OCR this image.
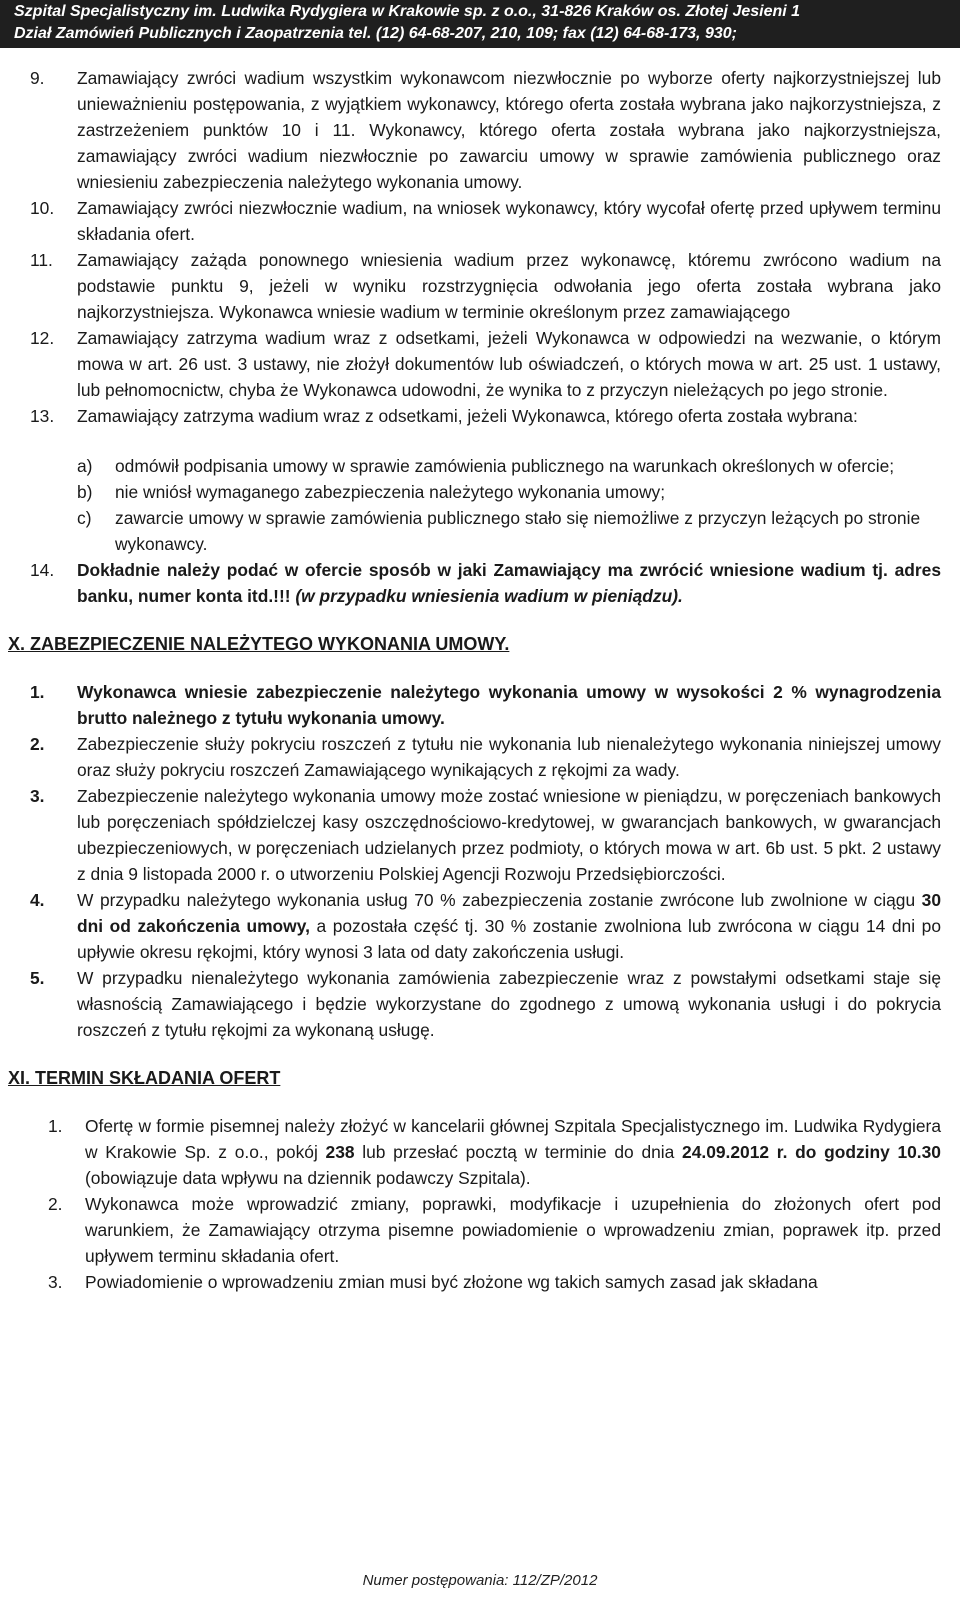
Szpital Specjalistyczny im. Ludwika Rydygiera w Krakowie sp. z o.o., 31-826 Kraków os. Złotej Jesieni 1
Dział Zamówień Publicznych i Zaopatrzenia tel. (12) 64-68-207, 210, 109; fax (12) 64-68-173, 930;
9.	Zamawiający zwróci wadium wszystkim wykonawcom niezwłocznie po wyborze oferty najkorzystniejszej lub unieważnieniu postępowania, z wyjątkiem wykonawcy, którego oferta została wybrana jako najkorzystniejsza, z zastrzeżeniem punktów 10 i 11. Wykonawcy, którego oferta została wybrana jako najkorzystniejsza, zamawiający zwróci wadium niezwłocznie po zawarciu umowy w sprawie zamówienia publicznego oraz wniesieniu zabezpieczenia należytego wykonania umowy.
10.	Zamawiający zwróci niezwłocznie wadium, na wniosek wykonawcy, który wycofał ofertę przed upływem terminu składania ofert.
11.	Zamawiający zażąda ponownego wniesienia wadium przez wykonawcę, któremu zwrócono wadium na podstawie punktu 9, jeżeli w wyniku rozstrzygnięcia odwołania jego oferta została wybrana jako najkorzystniejsza. Wykonawca wniesie wadium w terminie określonym przez zamawiającego
12.	Zamawiający zatrzyma wadium wraz z odsetkami, jeżeli Wykonawca w odpowiedzi na wezwanie, o którym mowa w art. 26 ust. 3 ustawy, nie złożył dokumentów lub oświadczeń, o których mowa w art. 25 ust. 1 ustawy, lub pełnomocnictw, chyba że Wykonawca udowodni, że wynika to z przyczyn nieleżących po jego stronie.
13.	Zamawiający zatrzyma wadium wraz z odsetkami, jeżeli Wykonawca, którego oferta została wybrana:
a)	odmówił podpisania umowy w sprawie zamówienia publicznego na warunkach określonych w ofercie;
b)	nie wniósł wymaganego zabezpieczenia należytego wykonania umowy;
c)	zawarcie umowy w sprawie zamówienia publicznego stało się niemożliwe z przyczyn leżących po stronie wykonawcy.
14.	Dokładnie należy podać w ofercie sposób w jaki Zamawiający ma zwrócić wniesione wadium tj. adres banku, numer konta itd.!!! (w przypadku wniesienia wadium w pieniądzu).
X. ZABEZPIECZENIE NALEŻYTEGO WYKONANIA UMOWY.
1.	Wykonawca wniesie zabezpieczenie należytego wykonania umowy w wysokości 2 % wynagrodzenia brutto należnego z tytułu wykonania umowy.
2.	Zabezpieczenie służy pokryciu roszczeń z tytułu nie wykonania lub nienależytego wykonania niniejszej umowy oraz służy pokryciu roszczeń Zamawiającego wynikających z rękojmi za wady.
3.	Zabezpieczenie należytego wykonania umowy może zostać wniesione w pieniądzu, w poręczeniach bankowych lub poręczeniach spółdzielczej kasy oszczędnościowo-kredytowej, w gwarancjach bankowych, w gwarancjach ubezpieczeniowych, w poręczeniach udzielanych przez podmioty, o których mowa w art. 6b ust. 5 pkt. 2 ustawy z dnia 9 listopada 2000 r. o utworzeniu Polskiej Agencji Rozwoju Przedsiębiorczości.
4.	W przypadku należytego wykonania usług 70 % zabezpieczenia zostanie zwrócone lub zwolnione w ciągu 30 dni od zakończenia umowy, a pozostała część tj. 30 % zostanie zwolniona lub zwrócona w ciągu 14 dni po upływie okresu rękojmi, który wynosi 3 lata od daty zakończenia usługi.
5.	W przypadku nienależytego wykonania zamówienia zabezpieczenie wraz z powstałymi odsetkami staje się własnością Zamawiającego i będzie wykorzystane do zgodnego z umową wykonania usługi i do pokrycia roszczeń z tytułu rękojmi za wykonaną usługę.
XI. TERMIN SKŁADANIA OFERT
1.	Ofertę w formie pisemnej należy złożyć w kancelarii głównej Szpitala Specjalistycznego im. Ludwika Rydygiera w Krakowie Sp. z o.o., pokój 238 lub przesłać pocztą w terminie do dnia 24.09.2012 r. do godziny 10.30 (obowiązuje data wpływu na dziennik podawczy Szpitala).
2.	Wykonawca może wprowadzić zmiany, poprawki, modyfikacje i uzupełnienia do złożonych ofert pod warunkiem, że Zamawiający otrzyma pisemne powiadomienie o wprowadzeniu zmian, poprawek itp. przed upływem terminu składania ofert.
3.	Powiadomienie o wprowadzeniu zmian musi być złożone wg takich samych zasad jak składana
Numer postępowania: 112/ZP/2012
